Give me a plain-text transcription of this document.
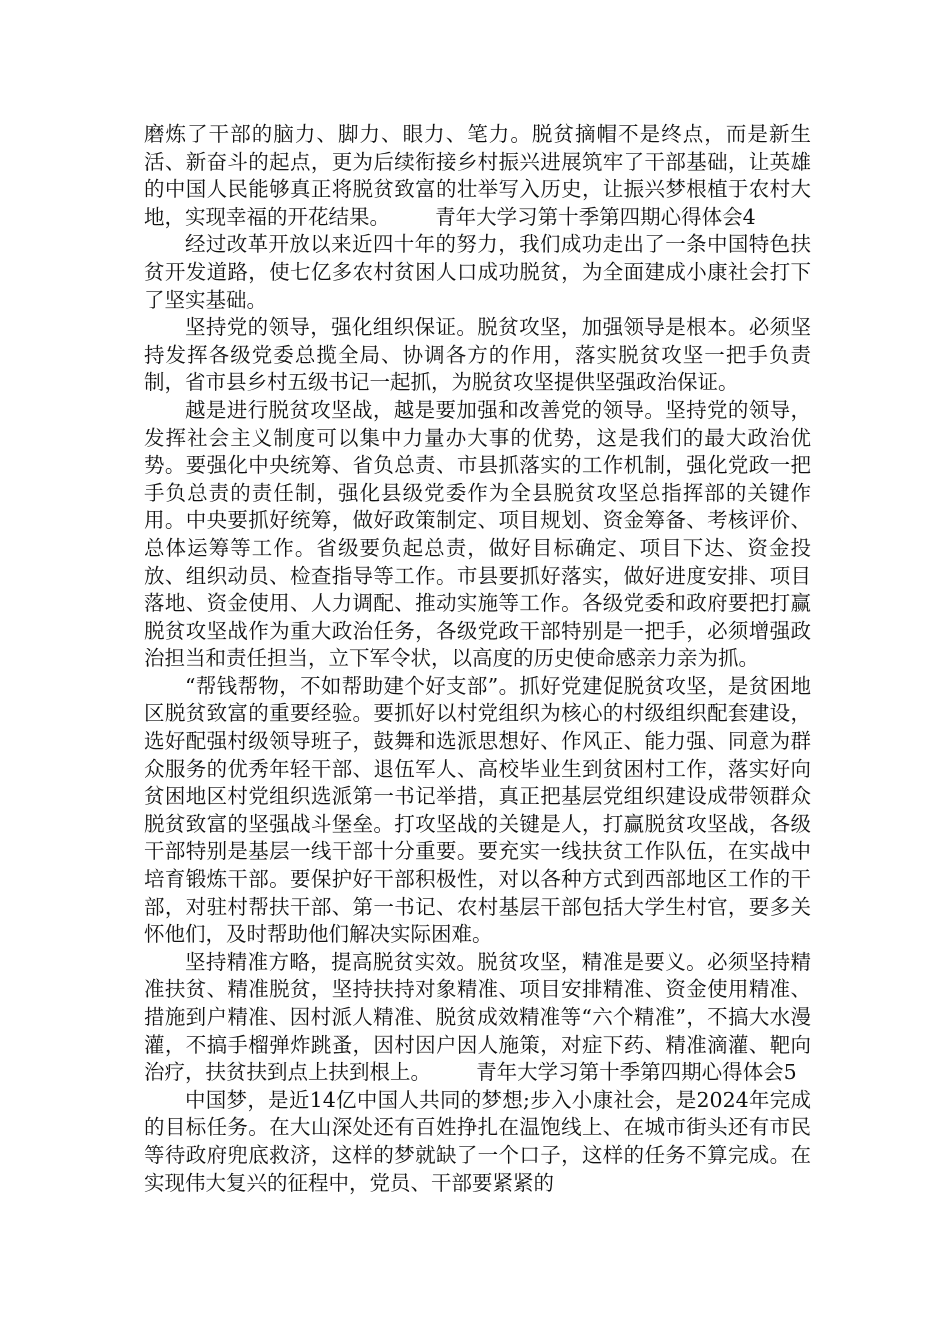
磨炼了干部的脑力、脚力、眼力、笔力。脱贫摘帽不是终点，而是新生活、新奋斗的起点，更为后续衔接乡村振兴进展筑牢了干部基础，让英雄的中国人民能够真正将脱贫致富的壮举写入历史，让振兴梦根植于农村大地，实现幸福的开花结果。 青年大学习第十季第四期心得体会4

经过改革开放以来近四十年的努力，我们成功走出了一条中国特色扶贫开发道路，使七亿多农村贫困人口成功脱贫，为全面建成小康社会打下了坚实基础。

坚持党的领导，强化组织保证。脱贫攻坚，加强领导是根本。必须坚持发挥各级党委总揽全局、协调各方的作用，落实脱贫攻坚一把手负责制，省市县乡村五级书记一起抓，为脱贫攻坚提供坚强政治保证。

越是进行脱贫攻坚战，越是要加强和改善党的领导。坚持党的领导，发挥社会主义制度可以集中力量办大事的优势，这是我们的最大政治优势。要强化中央统筹、省负总责、市县抓落实的工作机制，强化党政一把手负总责的责任制，强化县级党委作为全县脱贫攻坚总指挥部的关键作用。中央要抓好统筹，做好政策制定、项目规划、资金筹备、考核评价、总体运筹等工作。省级要负起总责，做好目标确定、项目下达、资金投放、组织动员、检查指导等工作。市县要抓好落实，做好进度安排、项目落地、资金使用、人力调配、推动实施等工作。各级党委和政府要把打赢脱贫攻坚战作为重大政治任务，各级党政干部特别是一把手，必须增强政治担当和责任担当，立下军令状，以高度的历史使命感亲力亲为抓。

“帮钱帮物，不如帮助建个好支部”。抓好党建促脱贫攻坚，是贫困地区脱贫致富的重要经验。要抓好以村党组织为核心的村级组织配套建设，选好配强村级领导班子，鼓舞和选派思想好、作风正、能力强、同意为群众服务的优秀年轻干部、退伍军人、高校毕业生到贫困村工作，落实好向贫困地区村党组织选派第一书记举措，真正把基层党组织建设成带领群众脱贫致富的坚强战斗堡垒。打攻坚战的关键是人，打赢脱贫攻坚战，各级干部特别是基层一线干部十分重要。要充实一线扶贫工作队伍，在实战中培育锻炼干部。要保护好干部积极性，对以各种方式到西部地区工作的干部，对驻村帮扶干部、第一书记、农村基层干部包括大学生村官，要多关怀他们，及时帮助他们解决实际困难。

坚持精准方略，提高脱贫实效。脱贫攻坚，精准是要义。必须坚持精准扶贫、精准脱贫，坚持扶持对象精准、项目安排精准、资金使用精准、措施到户精准、因村派人精准、脱贫成效精准等“六个精准”，不搞大水漫灌，不搞手榴弹炸跳蚤，因村因户因人施策，对症下药、精准滴灌、靶向治疗，扶贫扶到点上扶到根上。 青年大学习第十季第四期心得体会5

中国梦，是近14亿中国人共同的梦想;步入小康社会，是2024年完成的目标任务。在大山深处还有百姓挣扎在温饱线上、在城市街头还有市民等待政府兜底救济，这样的梦就缺了一个口子，这样的任务不算完成。在实现伟大复兴的征程中，党员、干部要紧紧的
